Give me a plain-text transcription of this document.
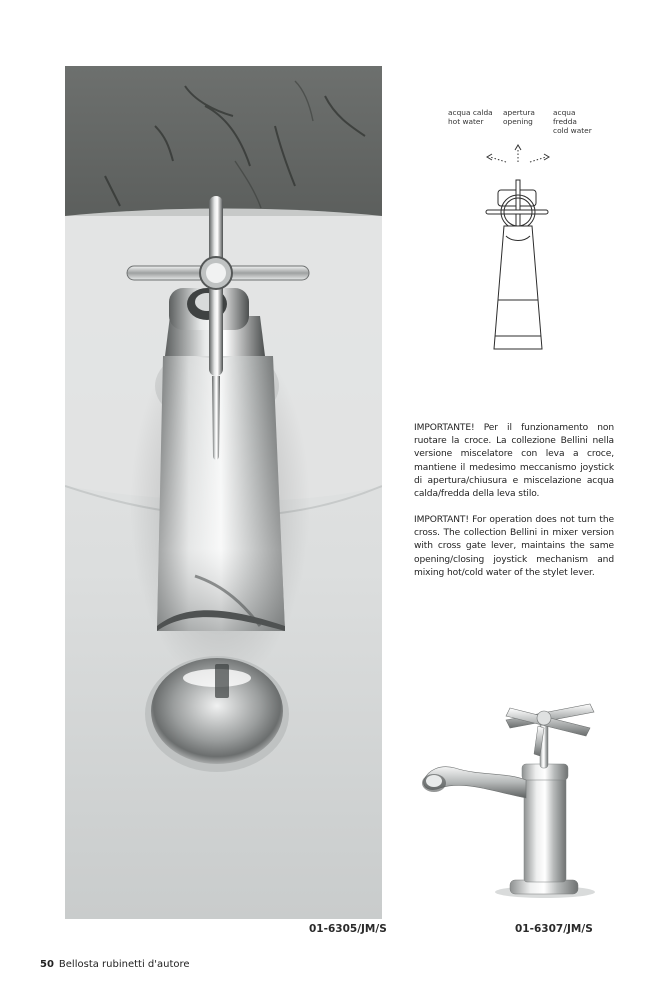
acqua calda
hot water
apertura
opening
acqua fredda
cold water
IMPORTANTE! Per il funzionamento non ruotare la croce. La collezione Bellini nella versione miscelatore con leva a croce, mantiene il medesimo meccanismo joystick di apertura/chiusura e miscelazione acqua calda/fredda della leva stilo.
IMPORTANT! For operation does not turn the cross. The collection Bellini in mixer version with cross gate lever, maintains the same opening/closing joystick mechanism and mixing hot/cold water of the stylet lever.
01-6305/JM/S	01-6307/JM/S
50 Bellosta rubinetti d'autore
